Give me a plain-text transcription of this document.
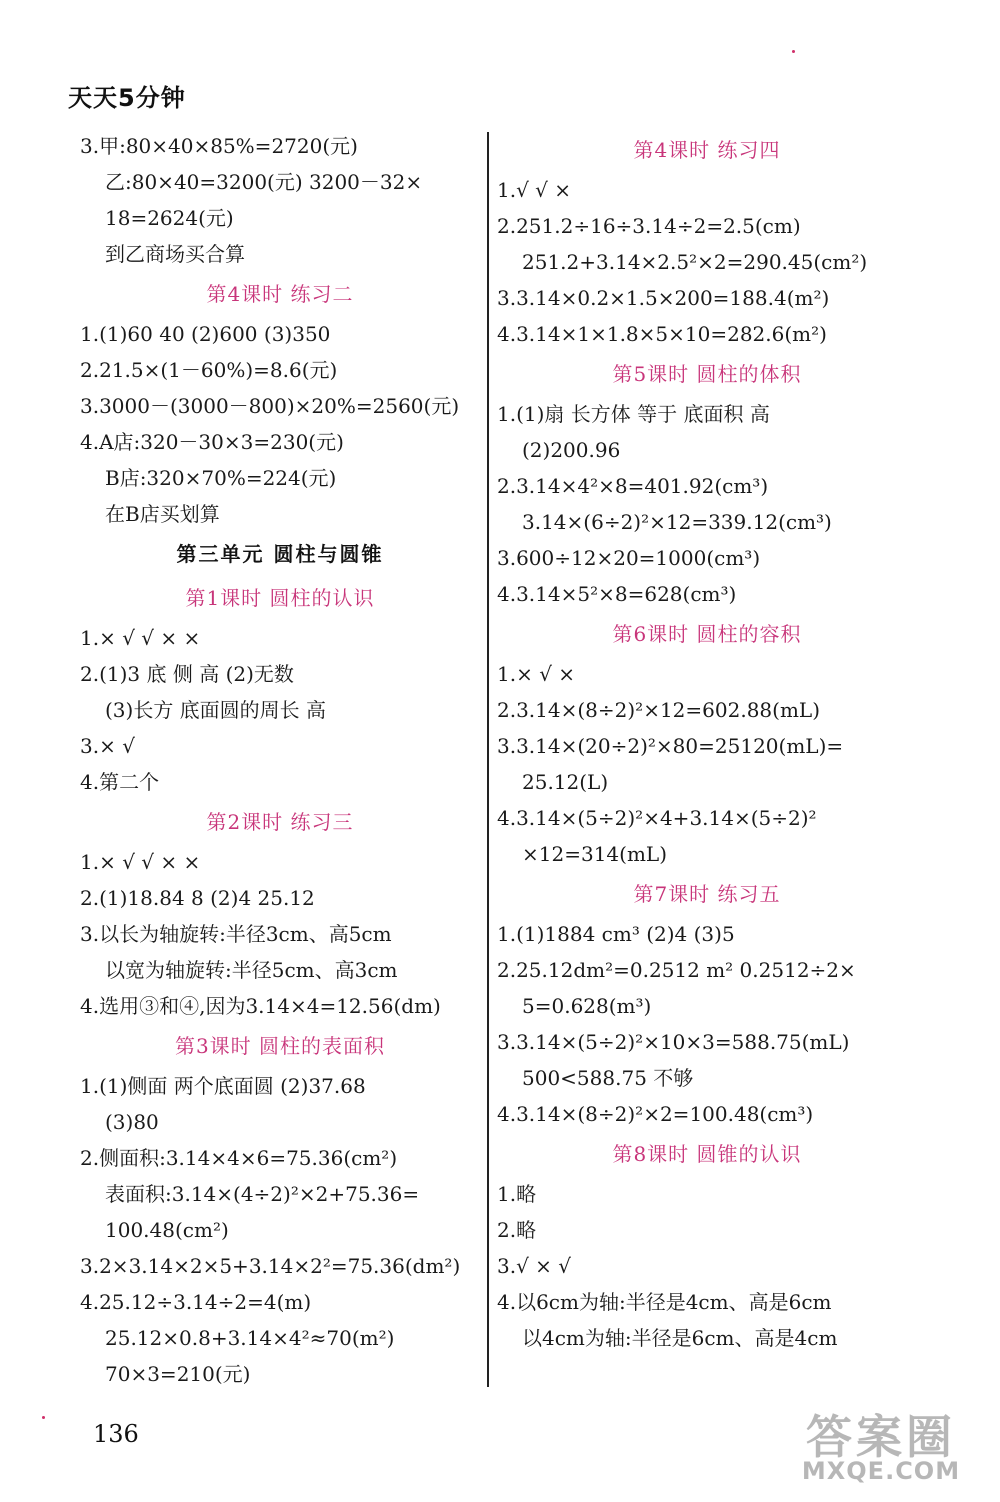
天天5分钟
3.甲:80×40×85%=2720(元)
乙:80×40=3200(元) 3200－32×
18=2624(元)
到乙商场买合算
第4课时 练习二
1.(1)60 40 (2)600 (3)350
2.21.5×(1－60%)=8.6(元)
3.3000－(3000－800)×20%=2560(元)
4.A店:320－30×3=230(元)
B店:320×70%=224(元)
在B店买划算
第三单元 圆柱与圆锥
第1课时 圆柱的认识
1.× √ √ × ×
2.(1)3 底 侧 高 (2)无数
(3)长方 底面圆的周长 高
3.× √
4.第二个
第2课时 练习三
1.× √ √ × ×
2.(1)18.84 8 (2)4 25.12
3.以长为轴旋转:半径3cm、高5cm
以宽为轴旋转:半径5cm、高3cm
4.选用③和④,因为3.14×4=12.56(dm)
第3课时 圆柱的表面积
1.(1)侧面 两个底面圆 (2)37.68
(3)80
2.侧面积:3.14×4×6=75.36(cm²)
表面积:3.14×(4÷2)²×2+75.36=
100.48(cm²)
3.2×3.14×2×5+3.14×2²=75.36(dm²)
4.25.12÷3.14÷2=4(m)
25.12×0.8+3.14×4²≈70(m²)
70×3=210(元)
第4课时 练习四
1.√ √ ×
2.251.2÷16÷3.14÷2=2.5(cm)
251.2+3.14×2.5²×2=290.45(cm²)
3.3.14×0.2×1.5×200=188.4(m²)
4.3.14×1×1.8×5×10=282.6(m²)
第5课时 圆柱的体积
1.(1)扇 长方体 等于 底面积 高
(2)200.96
2.3.14×4²×8=401.92(cm³)
3.14×(6÷2)²×12=339.12(cm³)
3.600÷12×20=1000(cm³)
4.3.14×5²×8=628(cm³)
第6课时 圆柱的容积
1.× √ ×
2.3.14×(8÷2)²×12=602.88(mL)
3.3.14×(20÷2)²×80=25120(mL)=
25.12(L)
4.3.14×(5÷2)²×4+3.14×(5÷2)²
×12=314(mL)
第7课时 练习五
1.(1)1884 cm³ (2)4 (3)5
2.25.12dm²=0.2512 m² 0.2512÷2×
5=0.628(m³)
3.3.14×(5÷2)²×10×3=588.75(mL)
500<588.75 不够
4.3.14×(8÷2)²×2=100.48(cm³)
第8课时 圆锥的认识
1.略
2.略
3.√ × √
4.以6cm为轴:半径是4cm、高是6cm
以4cm为轴:半径是6cm、高是4cm
136	答案圈
MXQE.COM
